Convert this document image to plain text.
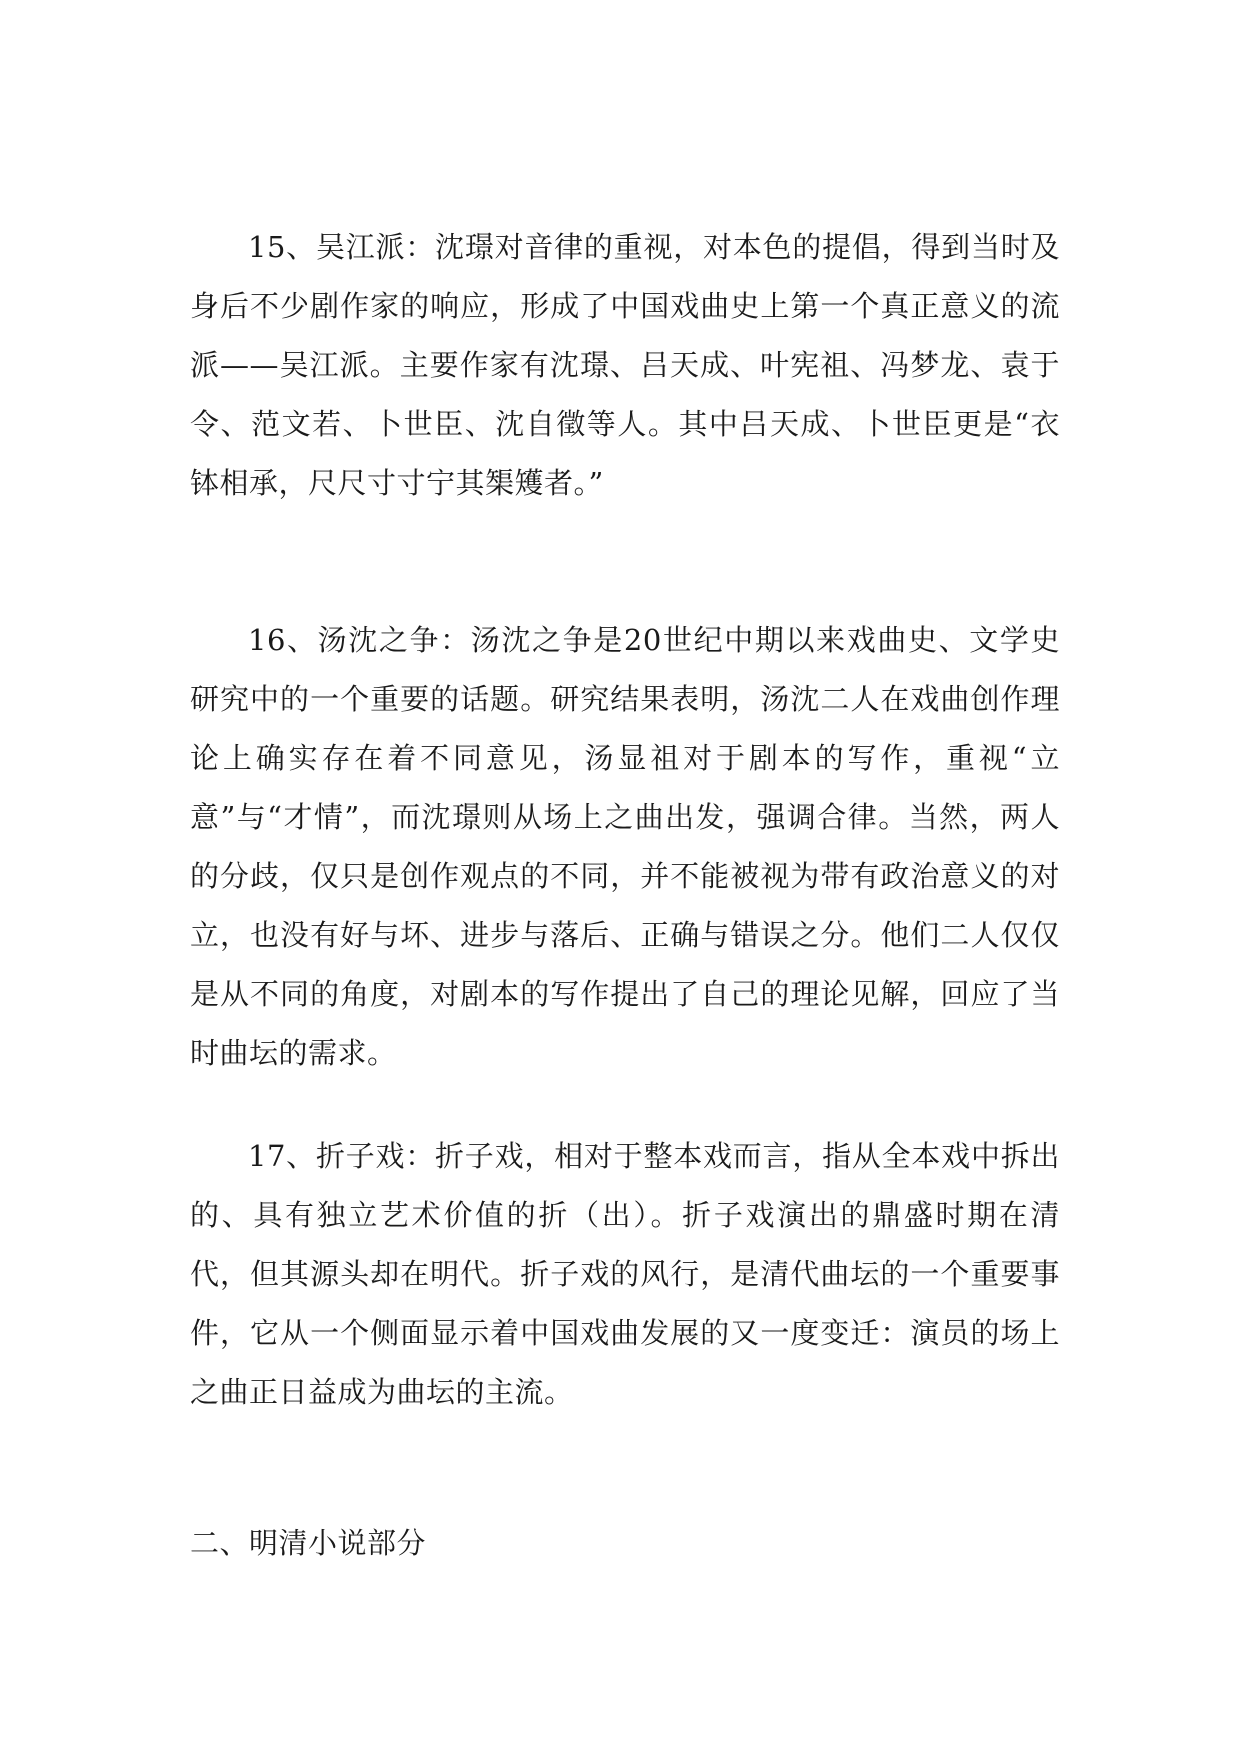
15、吴江派：沈璟对音律的重视，对本色的提倡，得到当时及身后不少剧作家的响应，形成了中国戏曲史上第一个真正意义的流派——吴江派。主要作家有沈璟、吕天成、叶宪祖、冯梦龙、袁于令、范文若、卜世臣、沈自徵等人。其中吕天成、卜世臣更是“衣钵相承，尺尺寸寸宁其榘矱者。”

16、汤沈之争：汤沈之争是20世纪中期以来戏曲史、文学史研究中的一个重要的话题。研究结果表明，汤沈二人在戏曲创作理论上确实存在着不同意见，汤显祖对于剧本的写作，重视“立意”与“才情”，而沈璟则从场上之曲出发，强调合律。当然，两人的分歧，仅只是创作观点的不同，并不能被视为带有政治意义的对立，也没有好与坏、进步与落后、正确与错误之分。他们二人仅仅是从不同的角度，对剧本的写作提出了自己的理论见解，回应了当时曲坛的需求。

17、折子戏：折子戏，相对于整本戏而言，指从全本戏中拆出的、具有独立艺术价值的折（出）。折子戏演出的鼎盛时期在清代，但其源头却在明代。折子戏的风行，是清代曲坛的一个重要事件，它从一个侧面显示着中国戏曲发展的又一度变迁：演员的场上之曲正日益成为曲坛的主流。

二、明清小说部分
